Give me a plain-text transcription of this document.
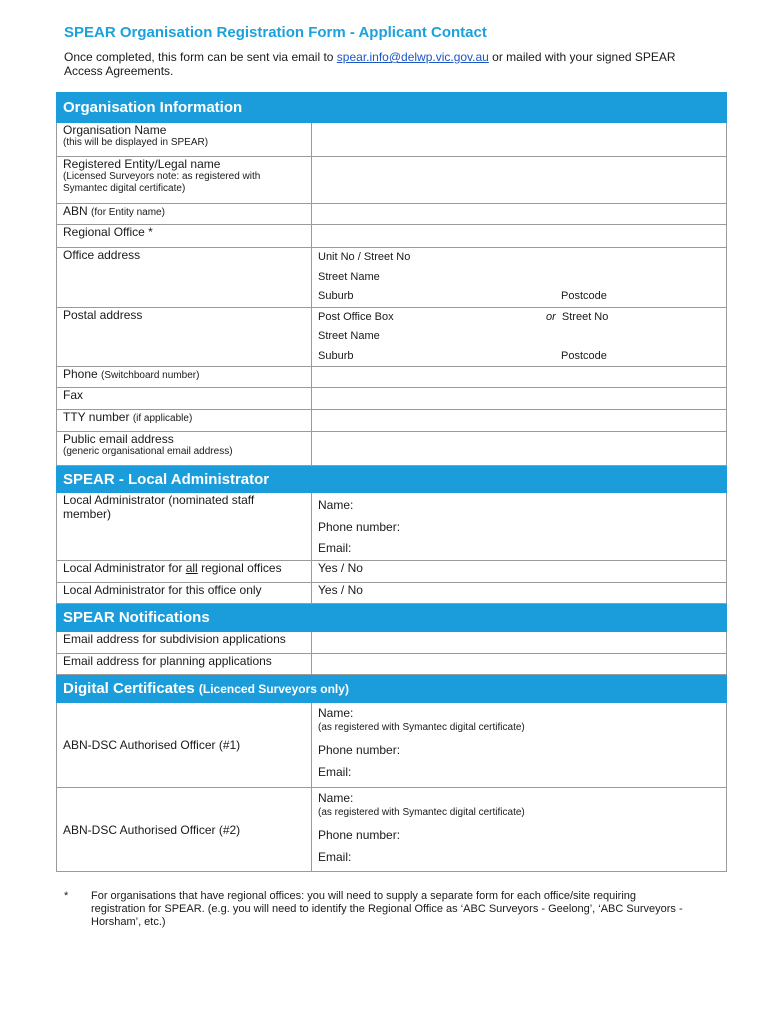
SPEAR Organisation Registration Form - Applicant Contact
Once completed, this form can be sent via email to spear.info@delwp.vic.gov.au or mailed with your signed SPEAR Access Agreements.
Organisation Information	

Organisation Name
(this will be displayed in SPEAR)	

Registered Entity/Legal name
(Licensed Surveyors note: as registered with Symantec digital certificate)	

ABN (for Entity name)	
Regional Office *	
Office address	Unit No / Street No
Street Name
Suburb Postcode

Postal address	Post Office Box or Street No
Street Name
Suburb Postcode

Phone (Switchboard number)	
Fax	
TTY number (if applicable)	

Public email address
(generic organisational email address)	

SPEAR - Local Administrator	
Local Administrator (nominated staff member)	Name:
Phone number:
Email:

Local Administrator for all regional offices	Yes / No
Local Administrator for this office only	Yes / No
SPEAR Notifications	
Email address for subdivision applications	
Email address for planning applications	
Digital Certificates (Licenced Surveyors only)	
ABN-DSC Authorised Officer (#1)	Name:
(as registered with Symantec digital certificate)
Phone number:
Email:

ABN-DSC Authorised Officer (#2)	Name:
(as registered with Symantec digital certificate)
Phone number:
Email:
* For organisations that have regional offices: you will need to supply a separate form for each office/site requiring registration for SPEAR. (e.g. you will need to identify the Regional Office as ‘ABC Surveyors - Geelong’, ‘ABC Surveyors - Horsham’, etc.)
